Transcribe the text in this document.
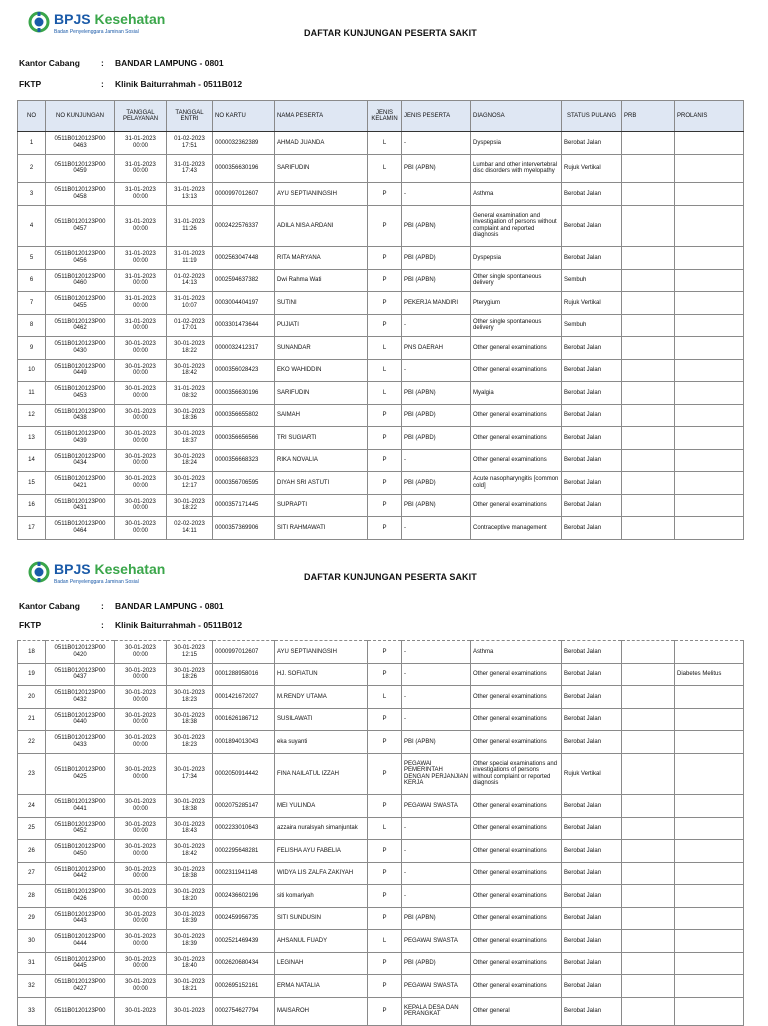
BPJS Kesehatan
Badan Penyelenggara Jaminan Sosial	DAFTAR KUNJUNGAN PESERTA SAKIT
Kantor Cabang : BANDAR LAMPUNG - 0801
FKTP	: Klinik Baiturrahmah - 0511B012
NO	NO KUNJUNGAN	TANGGAL PELAYANAN	TANGGAL ENTRI	NO KARTU	NAMA PESERTA	JENIS KELAMIN	JENIS PESERTA	DIAGNOSA	STATUS PULANG	PRB	PROLANIS
1	0511B0120123P00 0463	31-01-2023 00:00	01-02-2023 17:51	0000032362389	AHMAD JUANDA	L	-	Dyspepsia	Berobat Jalan		
2	0511B0120123P00 0459	31-01-2023 00:00	31-01-2023 17:43	0000356630196	SARIFUDIN	L	PBI (APBN)	Lumbar and other intervertebral disc disorders with myelopathy	Rujuk Vertikal		
3	0511B0120123P00 0458	31-01-2023 00:00	31-01-2023 13:13	0000997012607	AYU SEPTIANINGSIH	P	-	Asthma	Berobat Jalan		
4	0511B0120123P00 0457	31-01-2023 00:00	31-01-2023 11:26	0002422576337	ADILA NISA ARDANI	P	PBI (APBN)	General examination and investigation of persons without complaint and reported diagnosis	Berobat Jalan		
5	0511B0120123P00 0456	31-01-2023 00:00	31-01-2023 11:19	0002563047448	RITA MARYANA	P	PBI (APBD)	Dyspepsia	Berobat Jalan		
6	0511B0120123P00 0460	31-01-2023 00:00	01-02-2023 14:13	0002594637382	Dwi Rahma Wati	P	PBI (APBN)	Other single spontaneous delivery	Sembuh		
7	0511B0120123P00 0455	31-01-2023 00:00	31-01-2023 10:07	0003004404197	SUTINI	P	PEKERJA MANDIRI	Pterygium	Rujuk Vertikal		
8	0511B0120123P00 0462	31-01-2023 00:00	01-02-2023 17:01	0003301473644	PUJIATI	P	-	Other single spontaneous delivery	Sembuh		
9	0511B0120123P00 0430	30-01-2023 00:00	30-01-2023 18:22	0000032412317	SUNANDAR	L	PNS DAERAH	Other general examinations	Berobat Jalan		
10	0511B0120123P00 0449	30-01-2023 00:00	30-01-2023 18:42	0000356028423	EKO WAHIDDIN	L	-	Other general examinations	Berobat Jalan		
11	0511B0120123P00 0453	30-01-2023 00:00	31-01-2023 08:32	0000356630196	SARIFUDIN	L	PBI (APBN)	Myalgia	Berobat Jalan		
12	0511B0120123P00 0438	30-01-2023 00:00	30-01-2023 18:36	0000356655802	SAIMAH	P	PBI (APBD)	Other general examinations	Berobat Jalan		
13	0511B0120123P00 0439	30-01-2023 00:00	30-01-2023 18:37	0000356656566	TRI SUGIARTI	P	PBI (APBD)	Other general examinations	Berobat Jalan		
14	0511B0120123P00 0434	30-01-2023 00:00	30-01-2023 18:24	0000356668323	RIKA NOVALIA	P	-	Other general examinations	Berobat Jalan		
15	0511B0120123P00 0421	30-01-2023 00:00	30-01-2023 12:17	0000356706595	DIYAH SRI ASTUTI	P	PBI (APBD)	Acute nasopharyngitis [common cold]	Berobat Jalan		
16	0511B0120123P00 0431	30-01-2023 00:00	30-01-2023 18:22	0000357171445	SUPRAPTI	P	PBI (APBN)	Other general examinations	Berobat Jalan		
17	0511B0120123P00 0464	30-01-2023 00:00	02-02-2023 14:11	0000357369906	SITI RAHMAWATI	P	-	Contraceptive management	Berobat Jalan		
BPJS Kesehatan
Badan Penyelenggara Jaminan Sosial	DAFTAR KUNJUNGAN PESERTA SAKIT
Kantor Cabang : BANDAR LAMPUNG - 0801
FKTP	: Klinik Baiturrahmah - 0511B012
18	0511B0120123P00 0420	30-01-2023 00:00	30-01-2023 12:15	0000997012607	AYU SEPTIANINGSIH	P	-	Asthma	Berobat Jalan		
19	0511B0120123P00 0437	30-01-2023 00:00	30-01-2023 18:26	0001288958016	HJ. SOFIATUN	P	-	Other general examinations	Berobat Jalan		Diabetes Melitus
20	0511B0120123P00 0432	30-01-2023 00:00	30-01-2023 18:23	0001421672027	M.RENDY UTAMA	L	-	Other general examinations	Berobat Jalan		
21	0511B0120123P00 0440	30-01-2023 00:00	30-01-2023 18:38	0001626186712	SUSILAWATI	P	-	Other general examinations	Berobat Jalan		
22	0511B0120123P00 0433	30-01-2023 00:00	30-01-2023 18:23	0001894013043	eka suyanti	P	PBI (APBN)	Other general examinations	Berobat Jalan		
23	0511B0120123P00 0425	30-01-2023 00:00	30-01-2023 17:34	0002050914442	FINA NAILATUL IZZAH	P	PEGAWAI PEMERINTAH DENGAN PERJANJIAN KERJA	Other special examinations and investigations of persons without complaint or reported diagnosis	Rujuk Vertikal		
24	0511B0120123P00 0441	30-01-2023 00:00	30-01-2023 18:38	0002075285147	MEI YULINDA	P	PEGAWAI SWASTA	Other general examinations	Berobat Jalan		
25	0511B0120123P00 0452	30-01-2023 00:00	30-01-2023 18:43	0002233010643	azzaira nuralsyah simanjuntak	L	-	Other general examinations	Berobat Jalan		
26	0511B0120123P00 0450	30-01-2023 00:00	30-01-2023 18:42	0002295648281	FELISHA AYU FABELIA	P	-	Other general examinations	Berobat Jalan		
27	0511B0120123P00 0442	30-01-2023 00:00	30-01-2023 18:38	0002311941148	WIDYA LIS ZALFA ZAKIYAH	P	-	Other general examinations	Berobat Jalan		
28	0511B0120123P00 0426	30-01-2023 00:00	30-01-2023 18:20	0002436602196	siti komariyah	P	-	Other general examinations	Berobat Jalan		
29	0511B0120123P00 0443	30-01-2023 00:00	30-01-2023 18:39	0002459956735	SITI SUNDUSIN	P	PBI (APBN)	Other general examinations	Berobat Jalan		
30	0511B0120123P00 0444	30-01-2023 00:00	30-01-2023 18:39	0002521469439	AHSANUL FUADY	L	PEGAWAI SWASTA	Other general examinations	Berobat Jalan		
31	0511B0120123P00 0445	30-01-2023 00:00	30-01-2023 18:40	0002620680434	LEGINAH	P	PBI (APBD)	Other general examinations	Berobat Jalan		
32	0511B0120123P00 0427	30-01-2023 00:00	30-01-2023 18:21	0002695152161	ERMA NATALIA	P	PEGAWAI SWASTA	Other general examinations	Berobat Jalan		
33	0511B0120123P00	30-01-2023	30-01-2023	0002754627794	MAISAROH	P	KEPALA DESA DAN PERANGKAT	Other general	Berobat Jalan		
